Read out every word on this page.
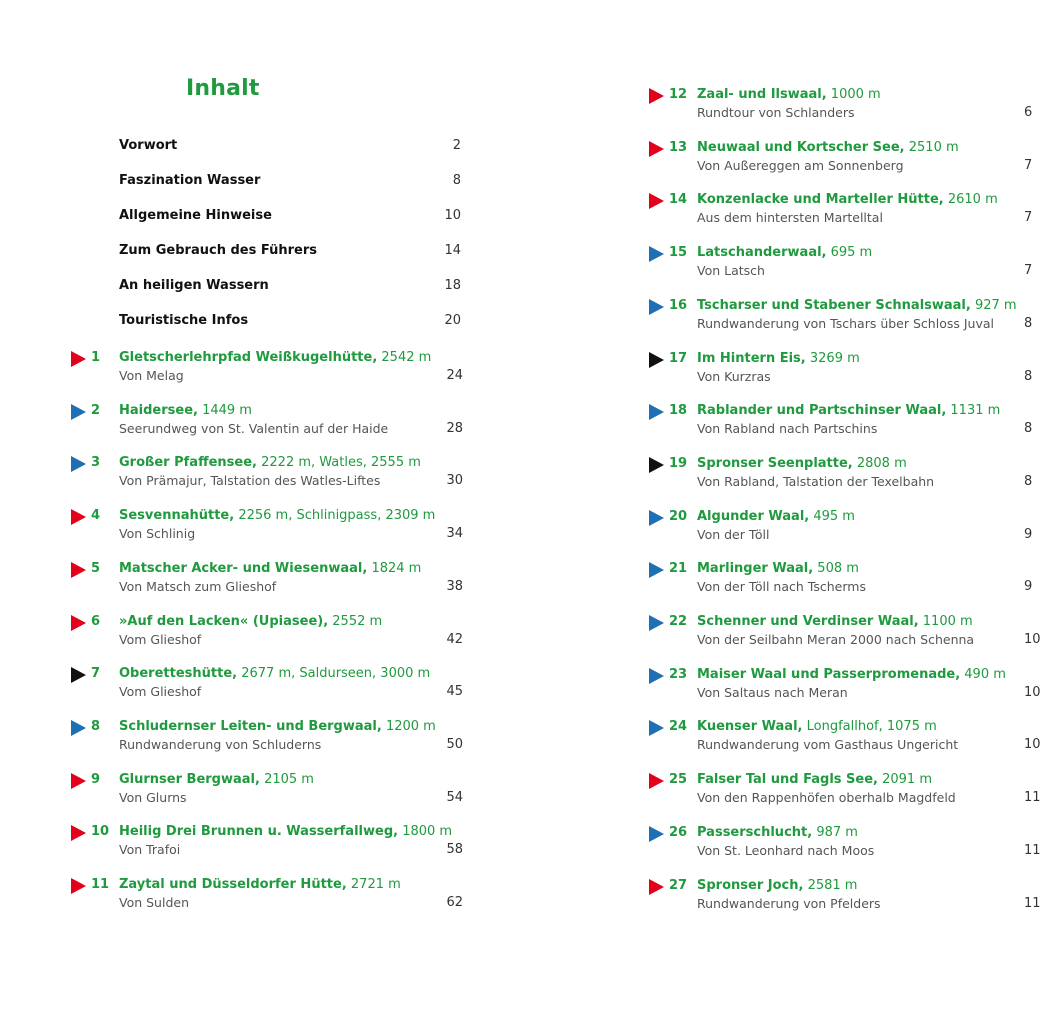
Inhalt
Vorwort	2
Faszination Wasser	8
Allgemeine Hinweise	10
Zum Gebrauch des Führers	14
An heiligen Wassern	18
Touristische Infos	20
1 Gletscherlehrpfad Weißkugelhütte, 2542 m
Von Melag	24
2 Haidersee, 1449 m
Seerundweg von St. Valentin auf der Haide	28
3 Großer Pfaffensee, 2222 m, Watles, 2555 m
Von Prämajur, Talstation des Watles-Liftes	30
4 Sesvennahütte, 2256 m, Schlinigpass, 2309 m
Von Schlinig	34
5 Matscher Acker- und Wiesenwaal, 1824 m
Von Matsch zum Glieshof	38
6 »Auf den Lacken« (Upiasee), 2552 m
Vom Glieshof	42
7 Oberetteshütte, 2677 m, Saldurseen, 3000 m
Vom Glieshof	45
8 Schludernser Leiten- und Bergwaal, 1200 m
Rundwanderung von Schluderns	50
9 Glurnser Bergwaal, 2105 m
Von Glurns	54
10 Heilig Drei Brunnen u. Wasserfallweg, 1800 m
Von Trafoi	58
11 Zaytal und Düsseldorfer Hütte, 2721 m
Von Sulden	62
12 Zaal- und Ilswaal, 1000 m
Rundtour von Schlanders	6
13 Neuwaal und Kortscher See, 2510 m
Von Außereggen am Sonnenberg	7
14 Konzenlacke und Marteller Hütte, 2610 m
Aus dem hintersten Martelltal	7
15 Latschanderwaal, 695 m
Von Latsch	7
16 Tscharser und Stabener Schnalswaal, 927 m
Rundwanderung von Tschars über Schloss Juval 8
17 Im Hintern Eis, 3269 m
Von Kurzras	8
18 Rablander und Partschinser Waal, 1131 m
Von Rabland nach Partschins	8
19 Spronser Seenplatte, 2808 m
Von Rabland, Talstation der Texelbahn	8
20 Algunder Waal, 495 m
Von der Töll	9
21 Marlinger Waal, 508 m
Von der Töll nach Tscherms	9
22 Schenner und Verdinser Waal, 1100 m
Von der Seilbahn Meran 2000 nach Schenna	10
23 Maiser Waal und Passerpromenade, 490 m
Von Saltaus nach Meran	10
24 Kuenser Waal, Longfallhof, 1075 m
Rundwanderung vom Gasthaus Ungericht	10
25 Falser Tal und Fagls See, 2091 m
Von den Rappenhöfen oberhalb Magdfeld	11
26 Passerschlucht, 987 m
Von St. Leonhard nach Moos	11
27 Spronser Joch, 2581 m
Rundwanderung von Pfelders	11
